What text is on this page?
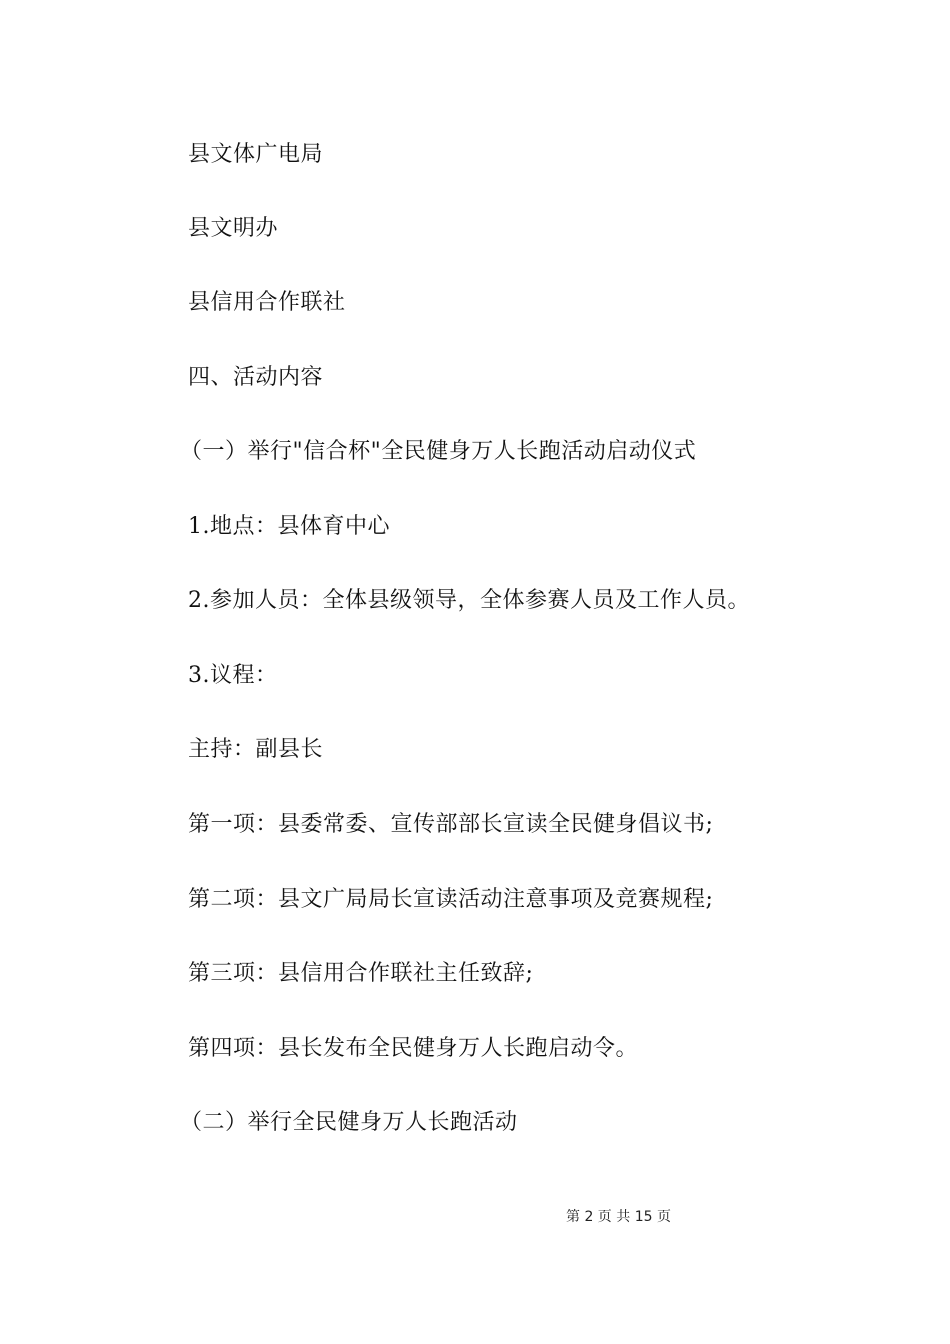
县文体广电局
县文明办
县信用合作联社
四、活动内容
（一）举行"信合杯"全民健身万人长跑活动启动仪式
1.地点：县体育中心
2.参加人员：全体县级领导，全体参赛人员及工作人员。
3.议程：
主持：副县长
第一项：县委常委、宣传部部长宣读全民健身倡议书;
第二项：县文广局局长宣读活动注意事项及竞赛规程;
第三项：县信用合作联社主任致辞;
第四项：县长发布全民健身万人长跑启动令。
（二）举行全民健身万人长跑活动
第 2 页 共 15 页
